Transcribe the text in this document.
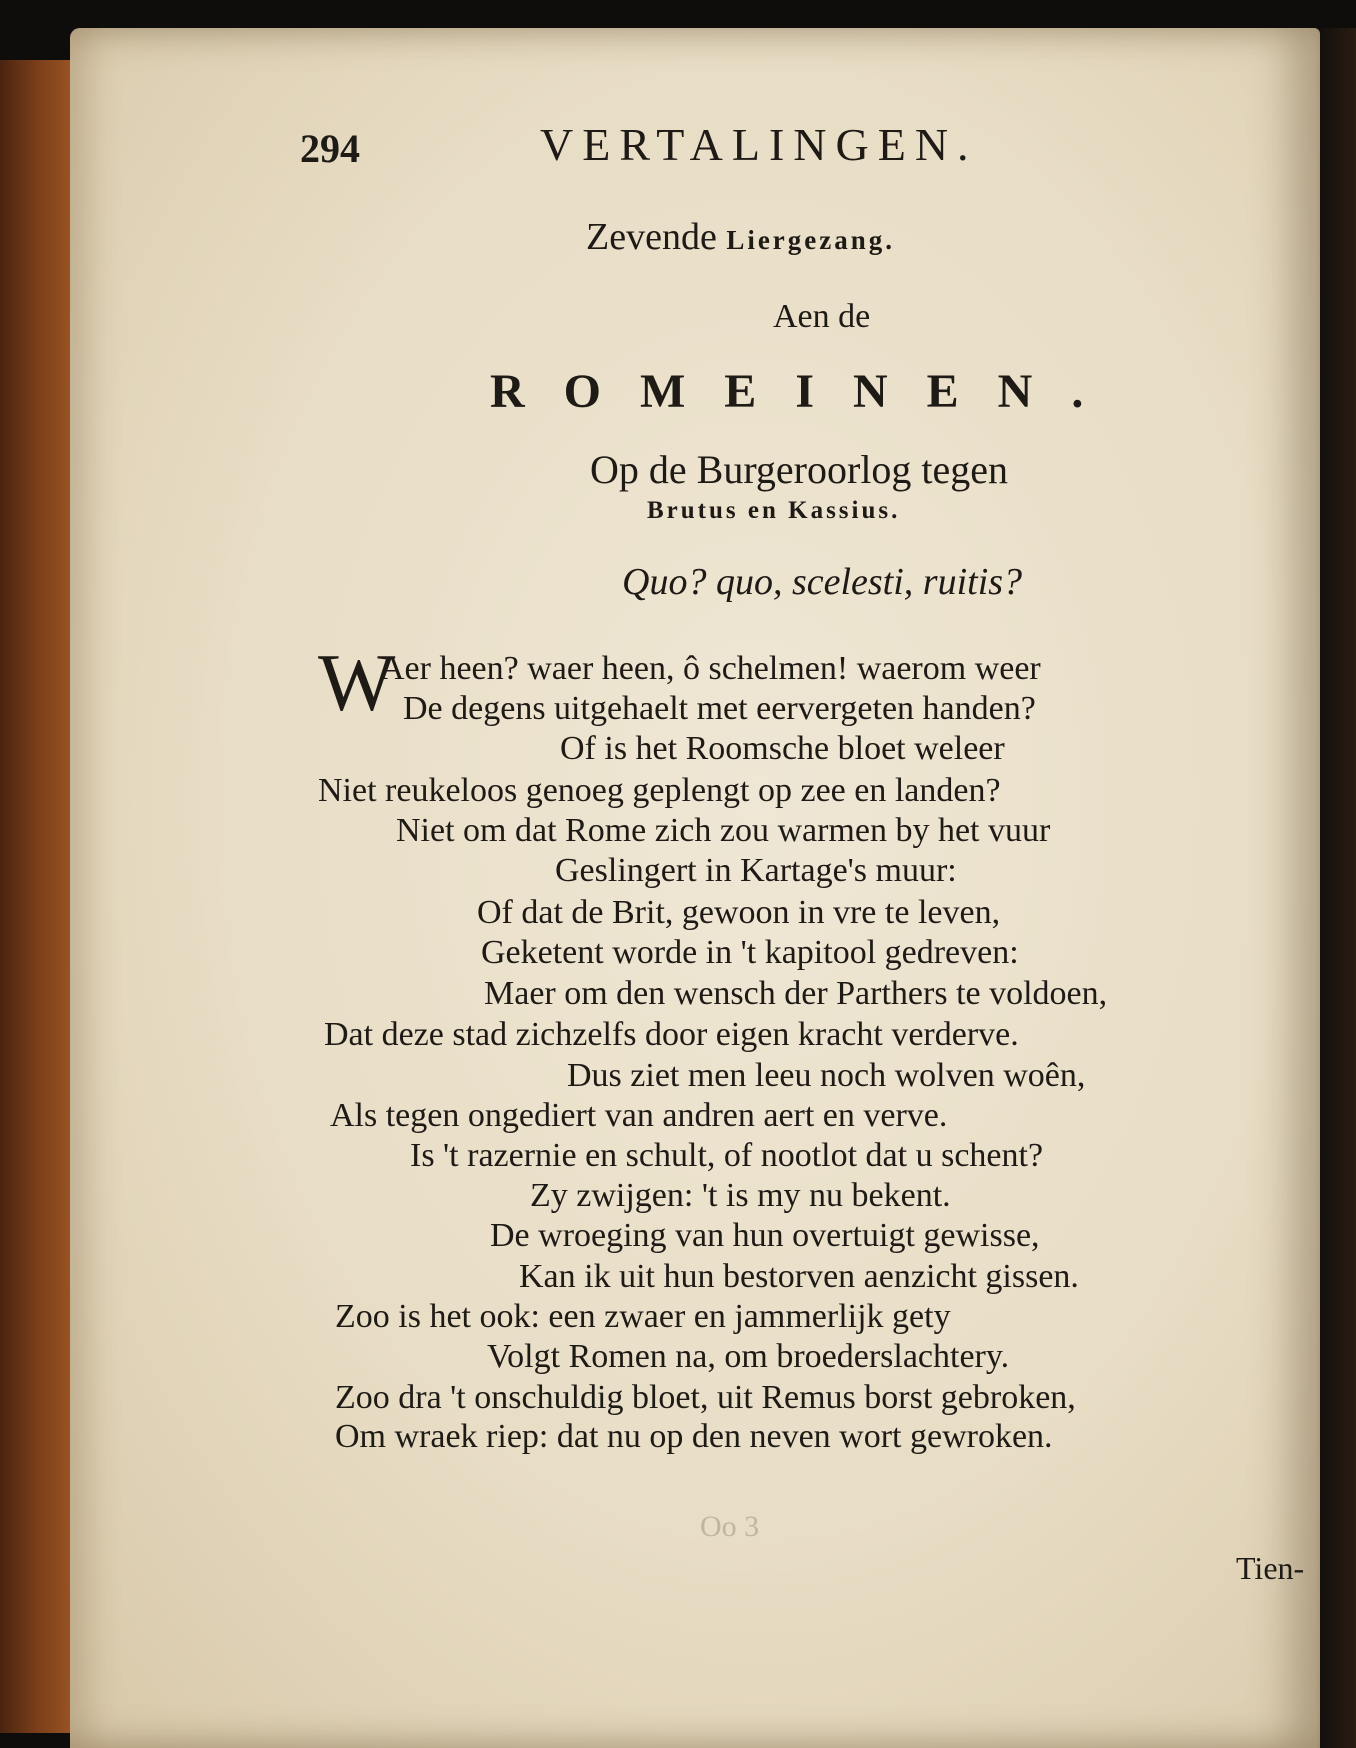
294	VERTALINGEN.
Zevende Liergezang.
Aen de
ROMEINEN.
Op de Burgeroorlog tegen
Brutus en Kassius.
Quo? quo, scelesti, ruitis?
W
Aer heen? waer heen, ô schelmen! waerom weer
De degens uitgehaelt met eervergeten handen?
Of is het Roomsche bloet weleer
Niet reukeloos genoeg geplengt op zee en landen?
Niet om dat Rome zich zou warmen by het vuur
Geslingert in Kartage's muur:
Of dat de Brit, gewoon in vre te leven,
Geketent worde in 't kapitool gedreven:
Maer om den wensch der Parthers te voldoen,
Dat deze stad zichzelfs door eigen kracht verderve.
Dus ziet men leeu noch wolven woên,
Als tegen ongediert van andren aert en verve.
Is 't razernie en schult, of nootlot dat u schent?
Zy zwijgen: 't is my nu bekent.
De wroeging van hun overtuigt gewisse,
Kan ik uit hun bestorven aenzicht gissen.
Zoo is het ook: een zwaer en jammerlijk gety
Volgt Romen na, om broederslachtery.
Zoo dra 't onschuldig bloet, uit Remus borst gebroken,
Om wraek riep: dat nu op den neven wort gewroken.
Oo 3
Tien-
